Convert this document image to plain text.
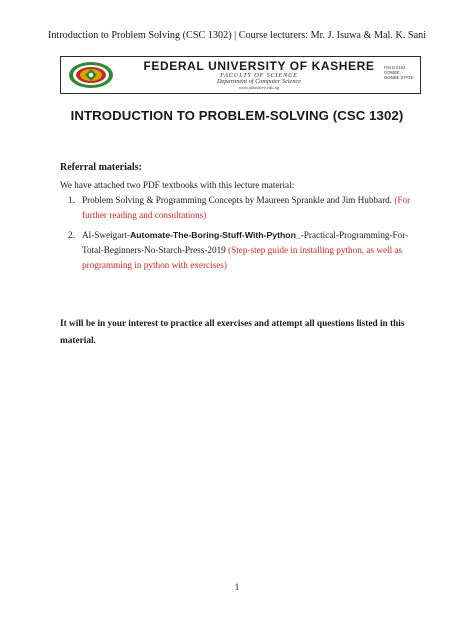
Introduction to Problem Solving (CSC 1302) | Course lecturers: Mr. J. Isuwa & Mal. K. Sani
FEDERAL UNIVERSITY OF KASHERE
FACULTY OF SCIENCE
Department of Computer Science
www.fukashere.edu.ng
P.M.B 0182,
GOMBE,
GOMBE STATE
INTRODUCTION TO PROBLEM-SOLVING (CSC 1302)
Referral materials:
We have attached two PDF textbooks with this lecture material:
1. Problem Solving & Programming Concepts by Maureen Sprankle and Jim Hubbard. (For further reading and consultations)
2. Al-Sweigart-Automate-The-Boring-Stuff-With-Python_-Practical-Programming-For-Total-Beginners-No-Starch-Press-2019 (Step-step guide in installing python, as well as programming in python with exercises)
It will be in your interest to practice all exercises and attempt all questions listed in this material.
1
